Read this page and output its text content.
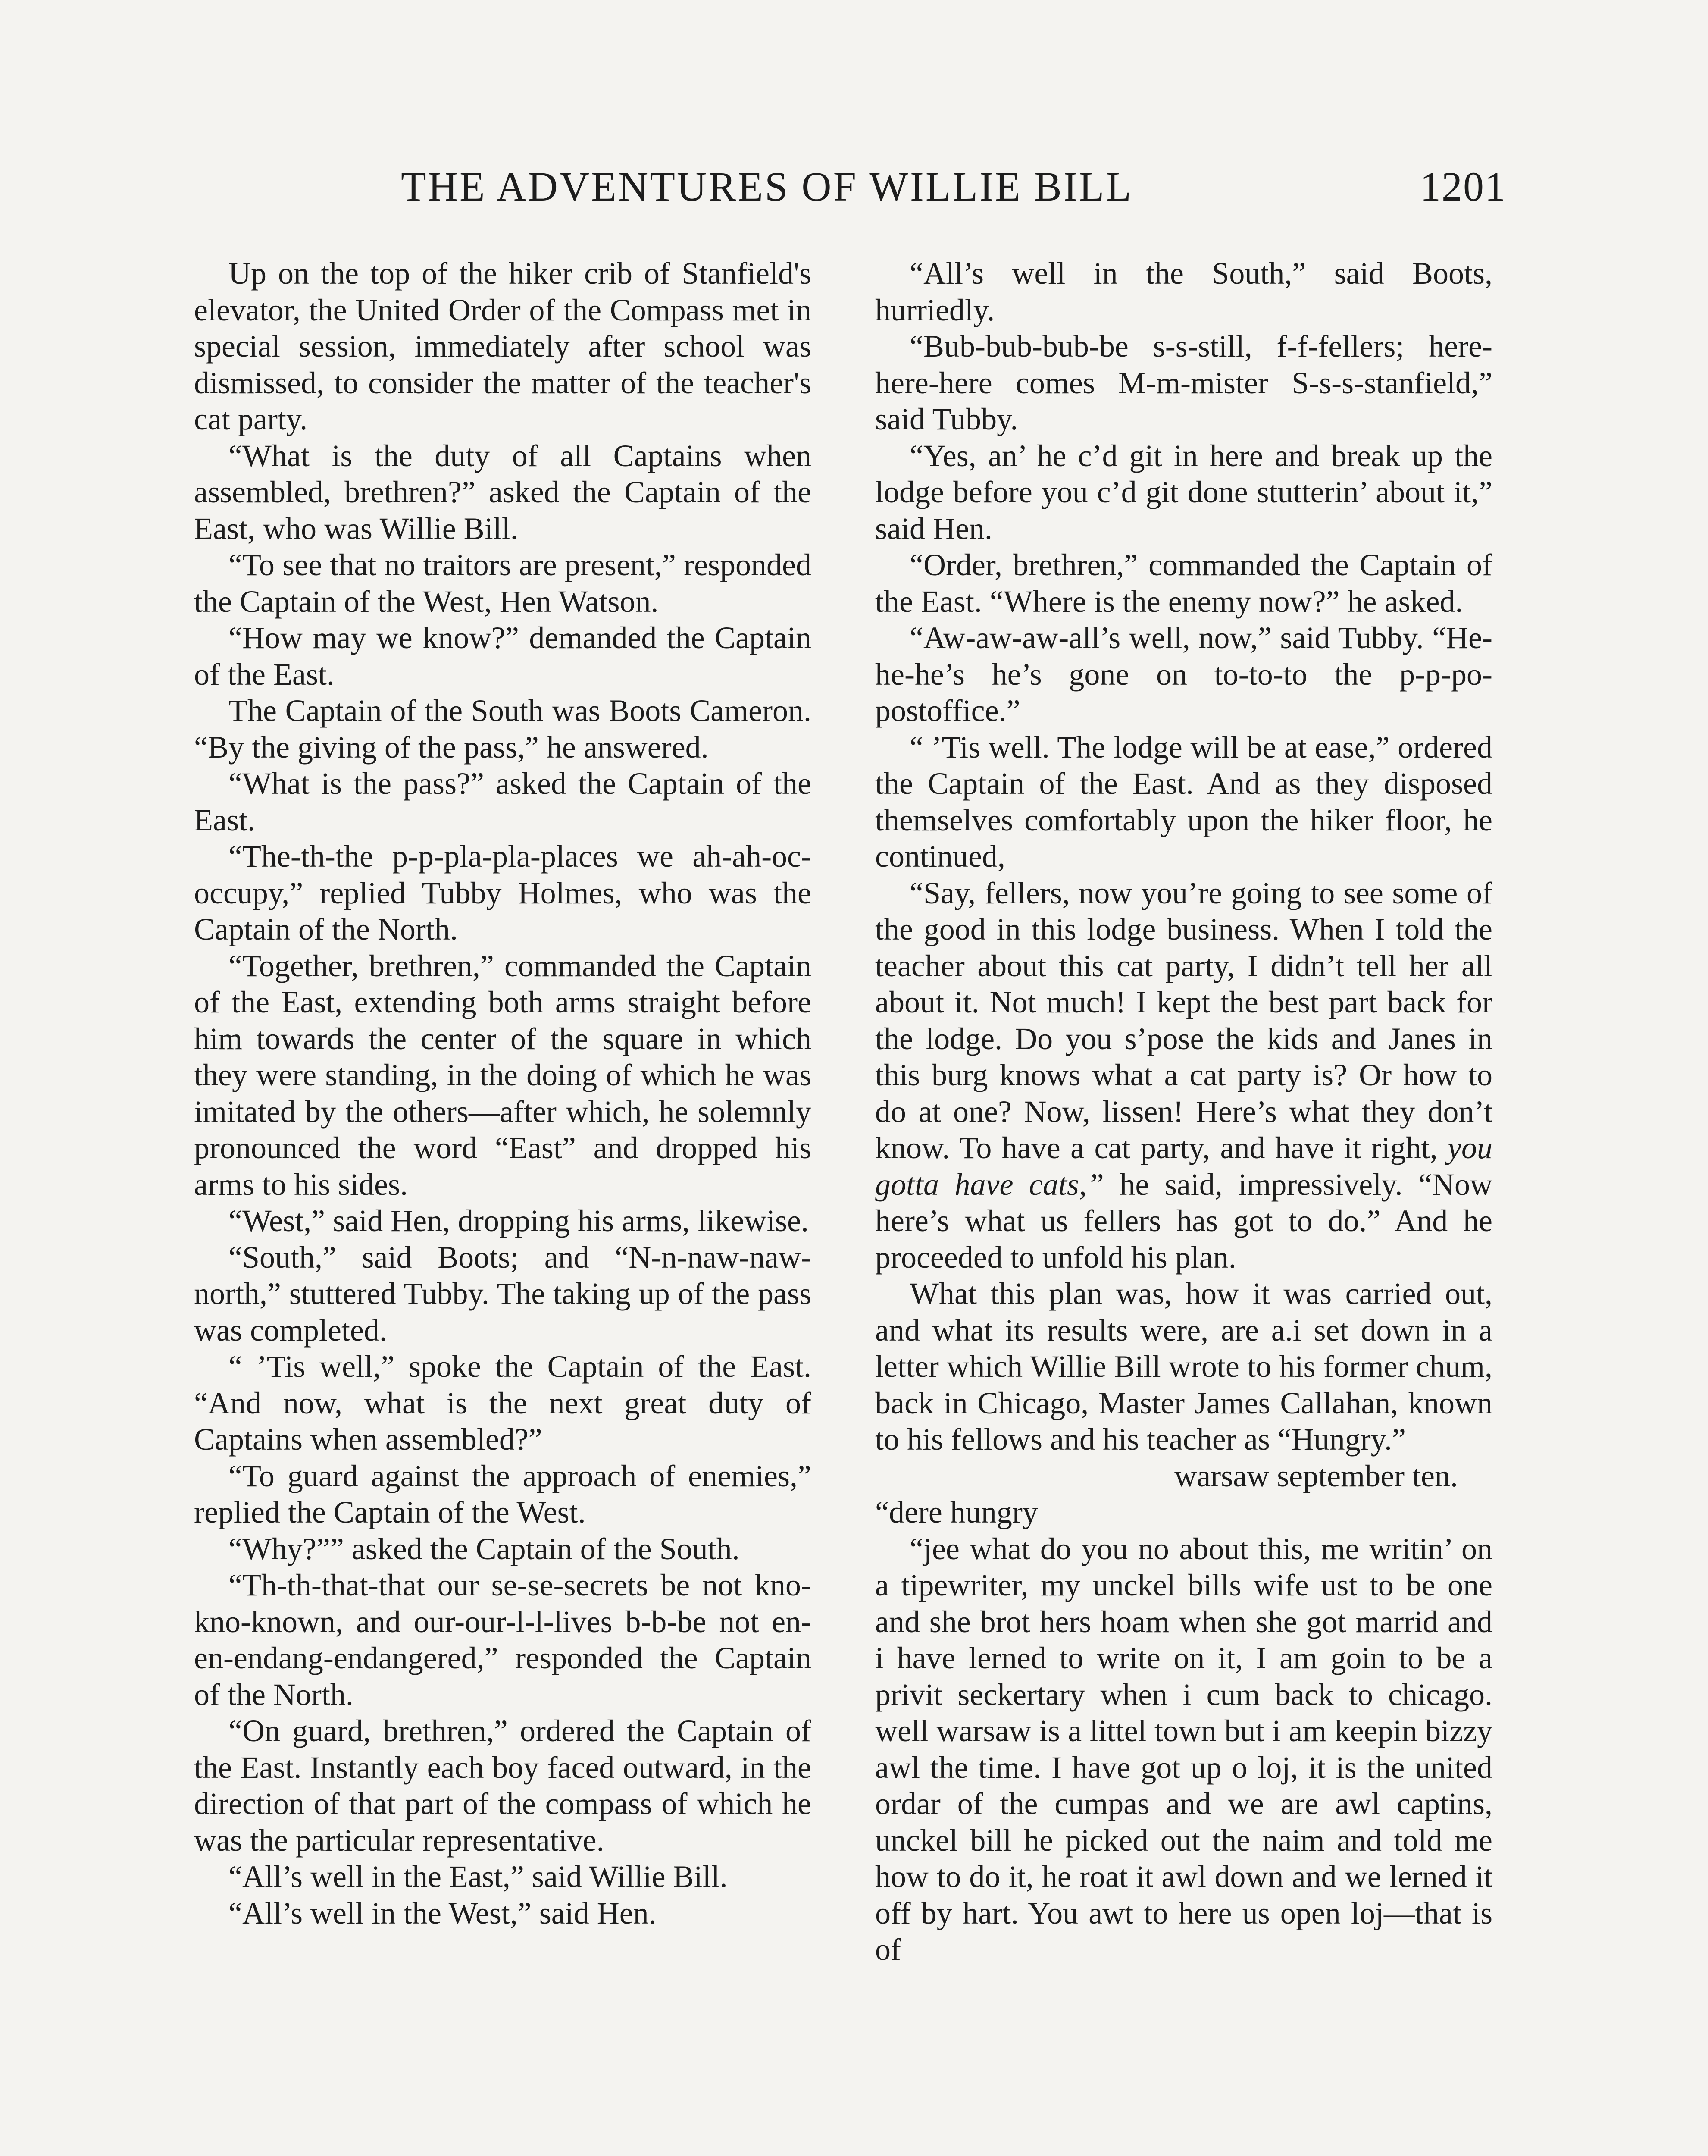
THE ADVENTURES OF WILLIE BILL	1201

Up on the top of the hiker crib of Stanfield's elevator, the United Order of the Compass met in special session, immediately after school was dismissed, to consider the matter of the teacher's cat party.

“What is the duty of all Captains when assembled, brethren?” asked the Captain of the East, who was Willie Bill.

“To see that no traitors are present,” responded the Captain of the West, Hen Watson.

“How may we know?” demanded the Captain of the East.

The Captain of the South was Boots Cameron. “By the giving of the pass,” he answered.

“What is the pass?” asked the Captain of the East.

“The-th-the p-p-pla-pla-places we ah-ah-oc-occupy,” replied Tubby Holmes, who was the Captain of the North.

“Together, brethren,” commanded the Captain of the East, extending both arms straight before him towards the center of the square in which they were standing, in the doing of which he was imitated by the others—after which, he solemnly pronounced the word “East” and dropped his arms to his sides.

“West,” said Hen, dropping his arms, likewise.

“South,” said Boots; and “N-n-naw-naw-north,” stuttered Tubby. The taking up of the pass was completed.

“ ’Tis well,” spoke the Captain of the East. “And now, what is the next great duty of Captains when assembled?”

“To guard against the approach of enemies,” replied the Captain of the West.

“Why?”” asked the Captain of the South.

“Th-th-that-that our se-se-secrets be not kno-kno-known, and our-our-l-l-lives b-b-be not en-en-endang-endangered,” responded the Captain of the North.

“On guard, brethren,” ordered the Captain of the East. Instantly each boy faced outward, in the direction of that part of the compass of which he was the particular representative.

“All’s well in the East,” said Willie Bill.

“All’s well in the West,” said Hen.

“All’s well in the South,” said Boots, hurriedly.

“Bub-bub-bub-be s-s-still, f-f-fellers; here-here-here comes M-m-mister S-s-s-stanfield,” said Tubby.

“Yes, an’ he c’d git in here and break up the lodge before you c’d git done stutterin’ about it,” said Hen.

“Order, brethren,” commanded the Captain of the East. “Where is the enemy now?” he asked.

“Aw-aw-aw-all’s well, now,” said Tubby. “He-he-he’s he’s gone on to-to-to the p-p-po-postoffice.”

“ ’Tis well. The lodge will be at ease,” ordered the Captain of the East. And as they disposed themselves comfortably upon the hiker floor, he continued,

“Say, fellers, now you’re going to see some of the good in this lodge business. When I told the teacher about this cat party, I didn’t tell her all about it. Not much! I kept the best part back for the lodge. Do you s’pose the kids and Janes in this burg knows what a cat party is? Or how to do at one? Now, lissen! Here’s what they don’t know. To have a cat party, and have it right, you gotta have cats,” he said, impressively. “Now here’s what us fellers has got to do.” And he proceeded to unfold his plan.

What this plan was, how it was carried out, and what its results were, are a.i set down in a letter which Willie Bill wrote to his former chum, back in Chicago, Master James Callahan, known to his fellows and his teacher as “Hungry.”

warsaw september ten.

“dere hungry

“jee what do you no about this, me writin’ on a tipewriter, my unckel bills wife ust to be one and she brot hers hoam when she got marrid and i have lerned to write on it, I am goin to be a privit seckertary when i cum back to chicago. well warsaw is a littel town but i am keepin bizzy awl the time. I have got up o loj, it is the united ordar of the cumpas and we are awl captins, unckel bill he picked out the naim and told me how to do it, he roat it awl down and we lerned it off by hart. You awt to here us open loj—that is of
